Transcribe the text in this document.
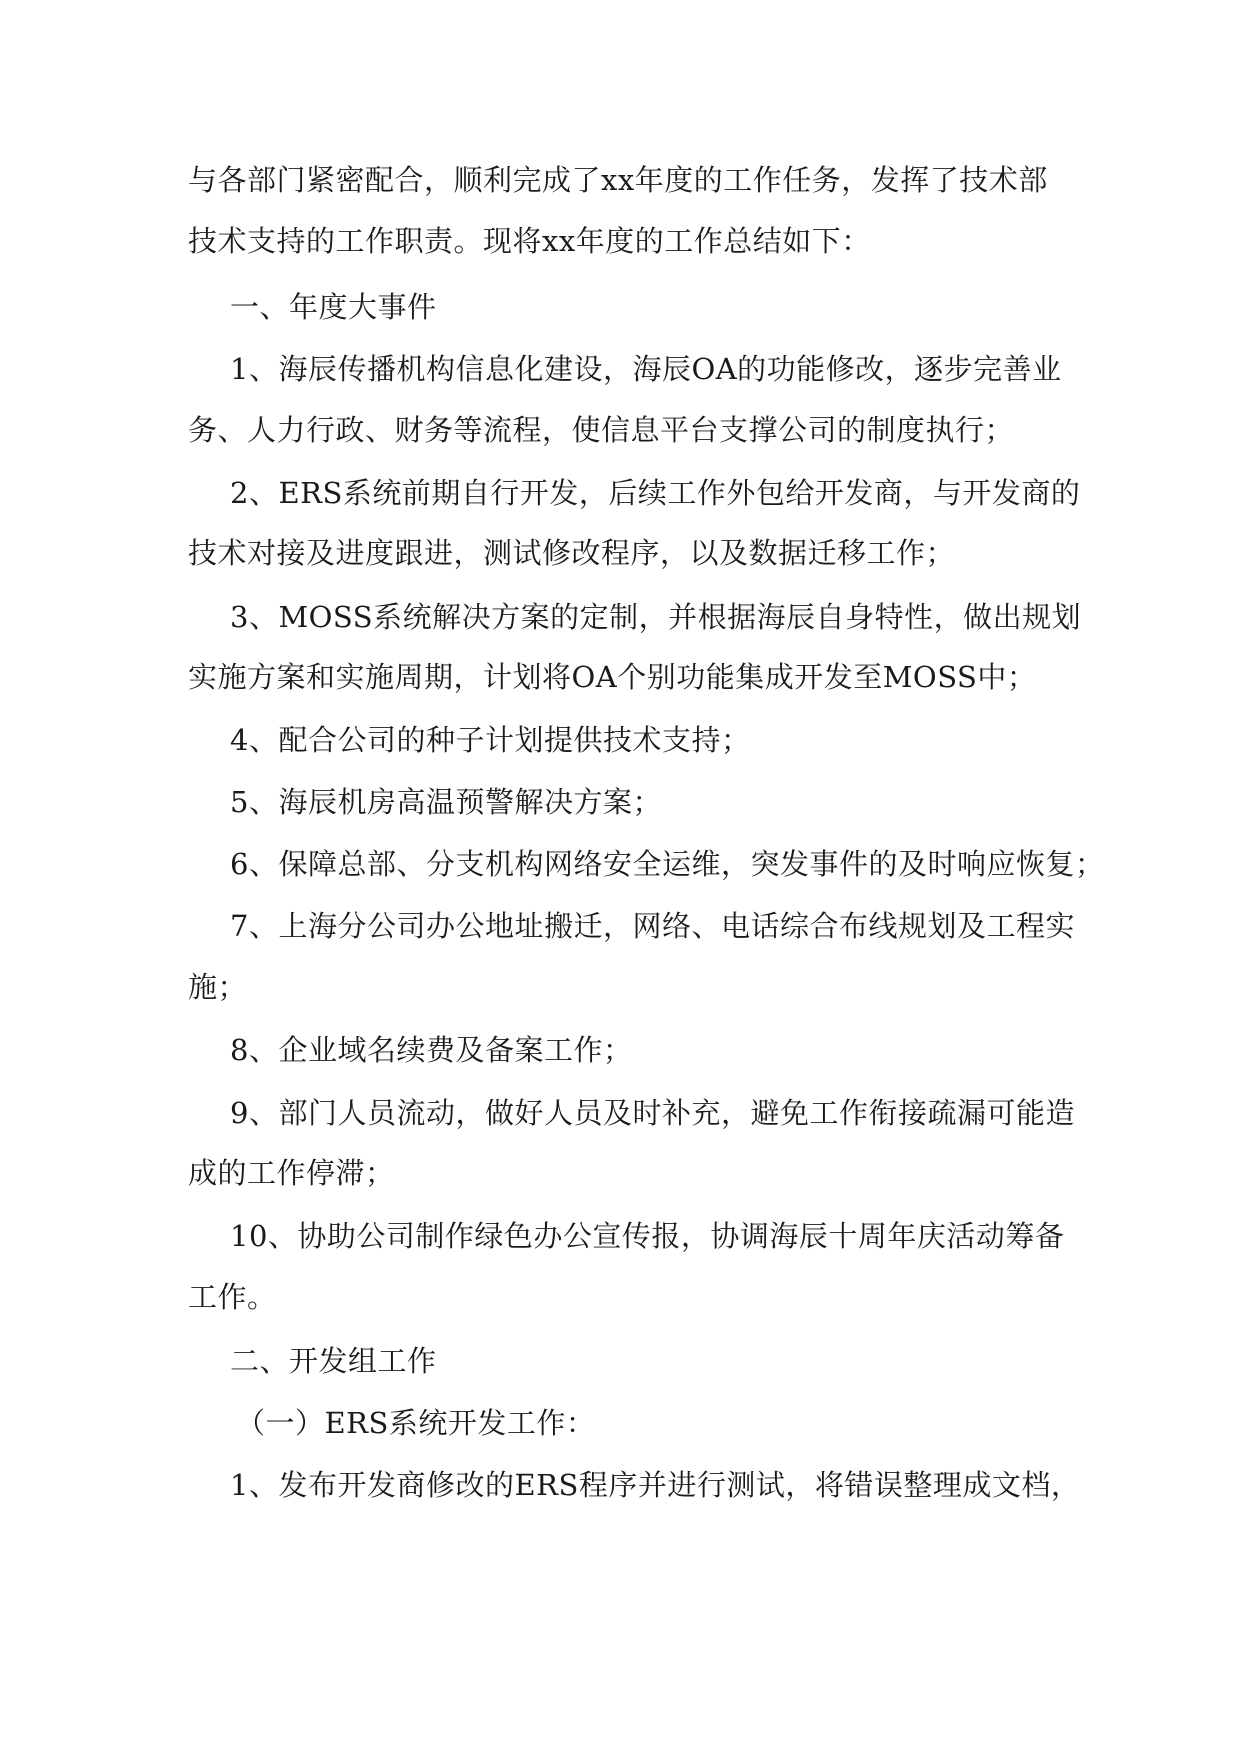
与各部门紧密配合，顺利完成了xx年度的工作任务，发挥了技术部
技术支持的工作职责。现将xx年度的工作总结如下：
一、年度大事件
1、海辰传播机构信息化建设，海辰OA的功能修改，逐步完善业
务、人力行政、财务等流程，使信息平台支撑公司的制度执行；
2、ERS系统前期自行开发，后续工作外包给开发商，与开发商的
技术对接及进度跟进，测试修改程序，以及数据迁移工作；
3、MOSS系统解决方案的定制，并根据海辰自身特性，做出规划
实施方案和实施周期，计划将OA个别功能集成开发至MOSS中；
4、配合公司的种子计划提供技术支持；
5、海辰机房高温预警解决方案；
6、保障总部、分支机构网络安全运维，突发事件的及时响应恢复；
7、上海分公司办公地址搬迁，网络、电话综合布线规划及工程实
施；
8、企业域名续费及备案工作；
9、部门人员流动，做好人员及时补充，避免工作衔接疏漏可能造
成的工作停滞；
10、协助公司制作绿色办公宣传报，协调海辰十周年庆活动筹备
工作。
二、开发组工作
（一）ERS系统开发工作：
1、发布开发商修改的ERS程序并进行测试，将错误整理成文档，
